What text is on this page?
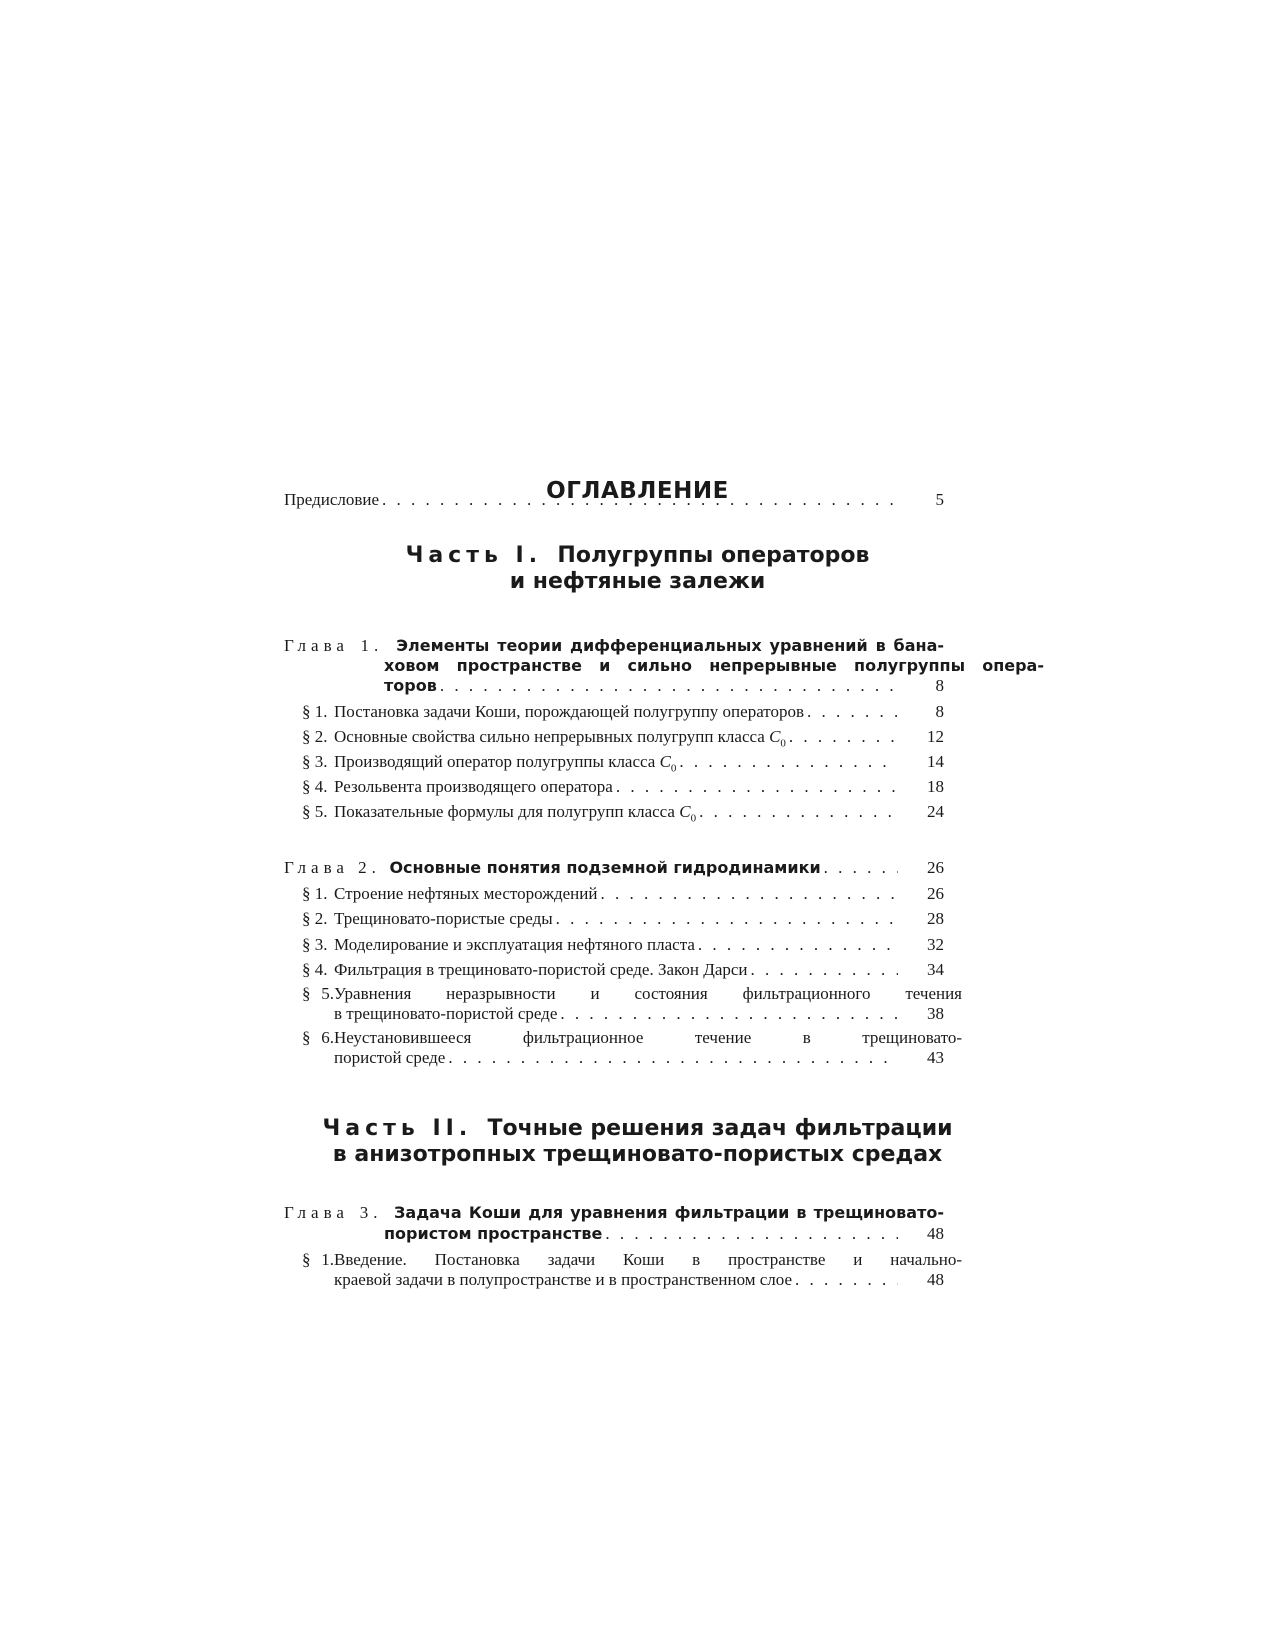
ОГЛАВЛЕНИЕ
Предисловие . . .	5
Часть I. Полугруппы операторов
и нефтяные залежи
Глава 1. Элементы теории дифференциальных уравнений в бана-
ховом пространстве и сильно непрерывные полугруппы опера-
торов . . .	8
§ 1. Постановка задачи Коши, порождающей полугруппу операторов . . .	8
§ 2. Основные свойства сильно непрерывных полугрупп класса $C_0$ . . .	12
§ 3. Производящий оператор полугруппы класса $C_0$ . . .	14
§ 4. Резольвента производящего оператора . . .	18
§ 5. Показательные формулы для полугрупп класса $C_0$ . . .	24
Глава 2. Основные понятия подземной гидродинамики . . .	26
§ 1. Строение нефтяных месторождений . . .	26
§ 2. Трещиновато-пористые среды . . .	28
§ 3. Моделирование и эксплуатация нефтяного пласта . . .	32
§ 4. Фильтрация в трещиновато-пористой среде. Закон Дарси . . .	34
§ 5.Уравнения неразрывности и состояния фильтрационного течения
в трещиновато-пористой среде . . .	38
§ 6.Неустановившееся фильтрационное течение в трещиновато-
пористой среде . . .	43
Часть II. Точные решения задач фильтрации
в анизотропных трещиновато-пористых средах
Глава 3. Задача Коши для уравнения фильтрации в трещиновато-
пористом пространстве . . .	48
§ 1.Введение. Постановка задачи Коши в пространстве и начально-
краевой задачи в полупространстве и в пространственном слое . . .	48
